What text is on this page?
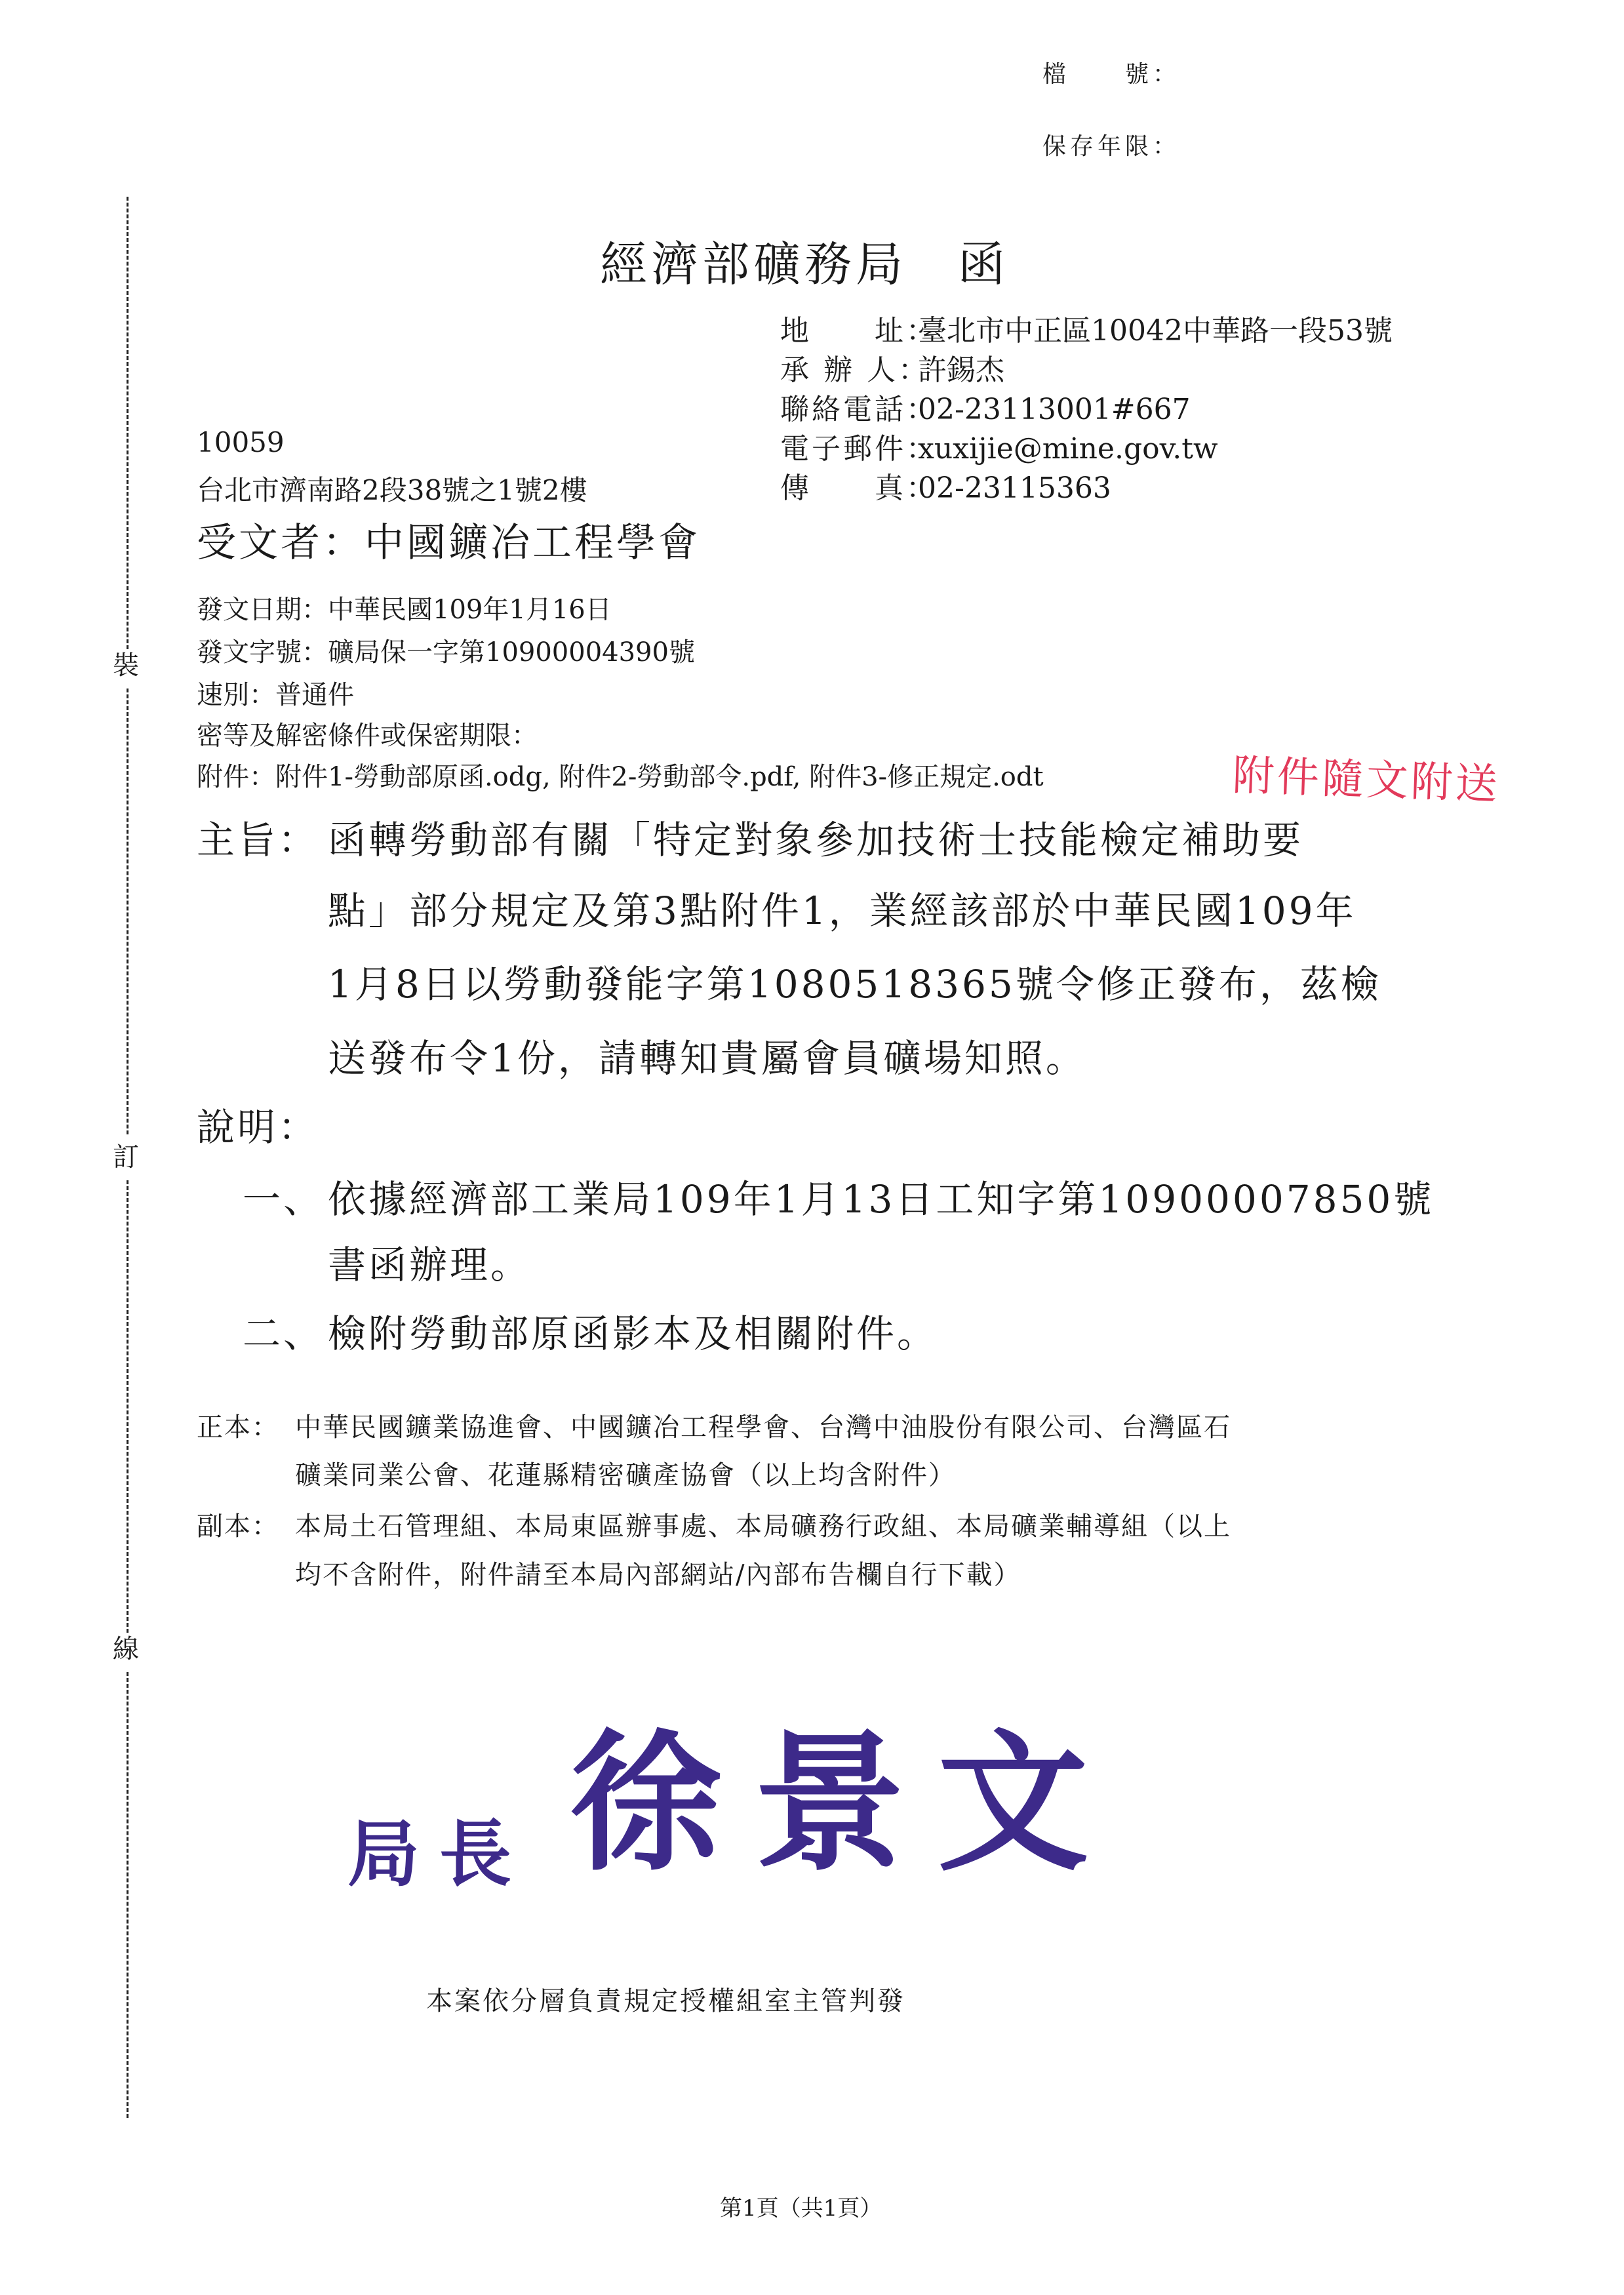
裝
訂
線
檔　　號：
保存年限：
經濟部礦務局　函
地　　址：臺北市中正區10042中華路一段53號
承 辦 人：許錫杰
聯絡電話：02-23113001#667
電子郵件：xuxijie@mine.gov.tw
傳　　真：02-23115363
10059
台北市濟南路2段38號之1號2樓
受文者：中國鑛冶工程學會
發文日期：中華民國109年1月16日
發文字號：礦局保一字第10900004390號
速別：普通件
密等及解密條件或保密期限：
附件：附件1-勞動部原函.odg, 附件2-勞動部令.pdf, 附件3-修正規定.odt	附件隨文附送
主旨： 函轉勞動部有關「特定對象參加技術士技能檢定補助要
點」部分規定及第3點附件1，業經該部於中華民國109年
1月8日以勞動發能字第1080518365號令修正發布，茲檢
送發布令1份，請轉知貴屬會員礦場知照。
說明：
一、 依據經濟部工業局109年1月13日工知字第10900007850號
書函辦理。
二、 檢附勞動部原函影本及相關附件。
正本： 中華民國鑛業協進會、中國鑛冶工程學會、台灣中油股份有限公司、台灣區石
礦業同業公會、花蓮縣精密礦產協會（以上均含附件）
副本： 本局土石管理組、本局東區辦事處、本局礦務行政組、本局礦業輔導組（以上
均不含附件，附件請至本局內部網站/內部布告欄自行下載）
局長 徐景文
本案依分層負責規定授權組室主管判發
第1頁（共1頁）
